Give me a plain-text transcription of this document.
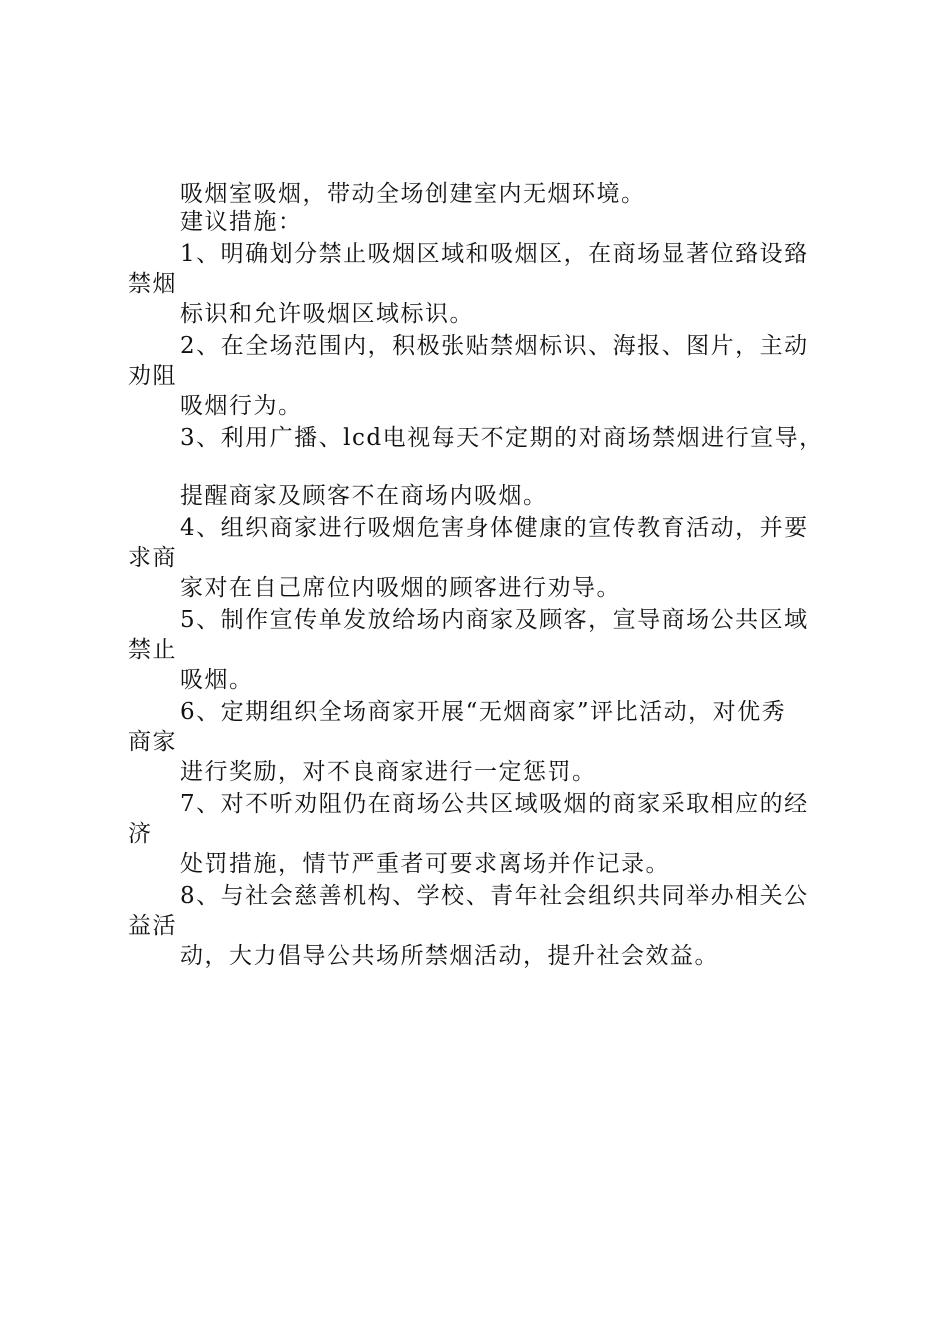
吸烟室吸烟，带动全场创建室内无烟环境。
建议措施：
1、明确划分禁止吸烟区域和吸烟区，在商场显著位臵设臵
禁烟
标识和允许吸烟区域标识。
2、在全场范围内，积极张贴禁烟标识、海报、图片，主动
劝阻
吸烟行为。
3、利用广播、lcd电视每天不定期的对商场禁烟进行宣导，
提醒商家及顾客不在商场内吸烟。
4、组织商家进行吸烟危害身体健康的宣传教育活动，并要
求商
家对在自己席位内吸烟的顾客进行劝导。
5、制作宣传单发放给场内商家及顾客，宣导商场公共区域
禁止
吸烟。
6、定期组织全场商家开展“无烟商家”评比活动，对优秀
商家
进行奖励，对不良商家进行一定惩罚。
7、对不听劝阻仍在商场公共区域吸烟的商家采取相应的经
济
处罚措施，情节严重者可要求离场并作记录。
8、与社会慈善机构、学校、青年社会组织共同举办相关公
益活
动，大力倡导公共场所禁烟活动，提升社会效益。
